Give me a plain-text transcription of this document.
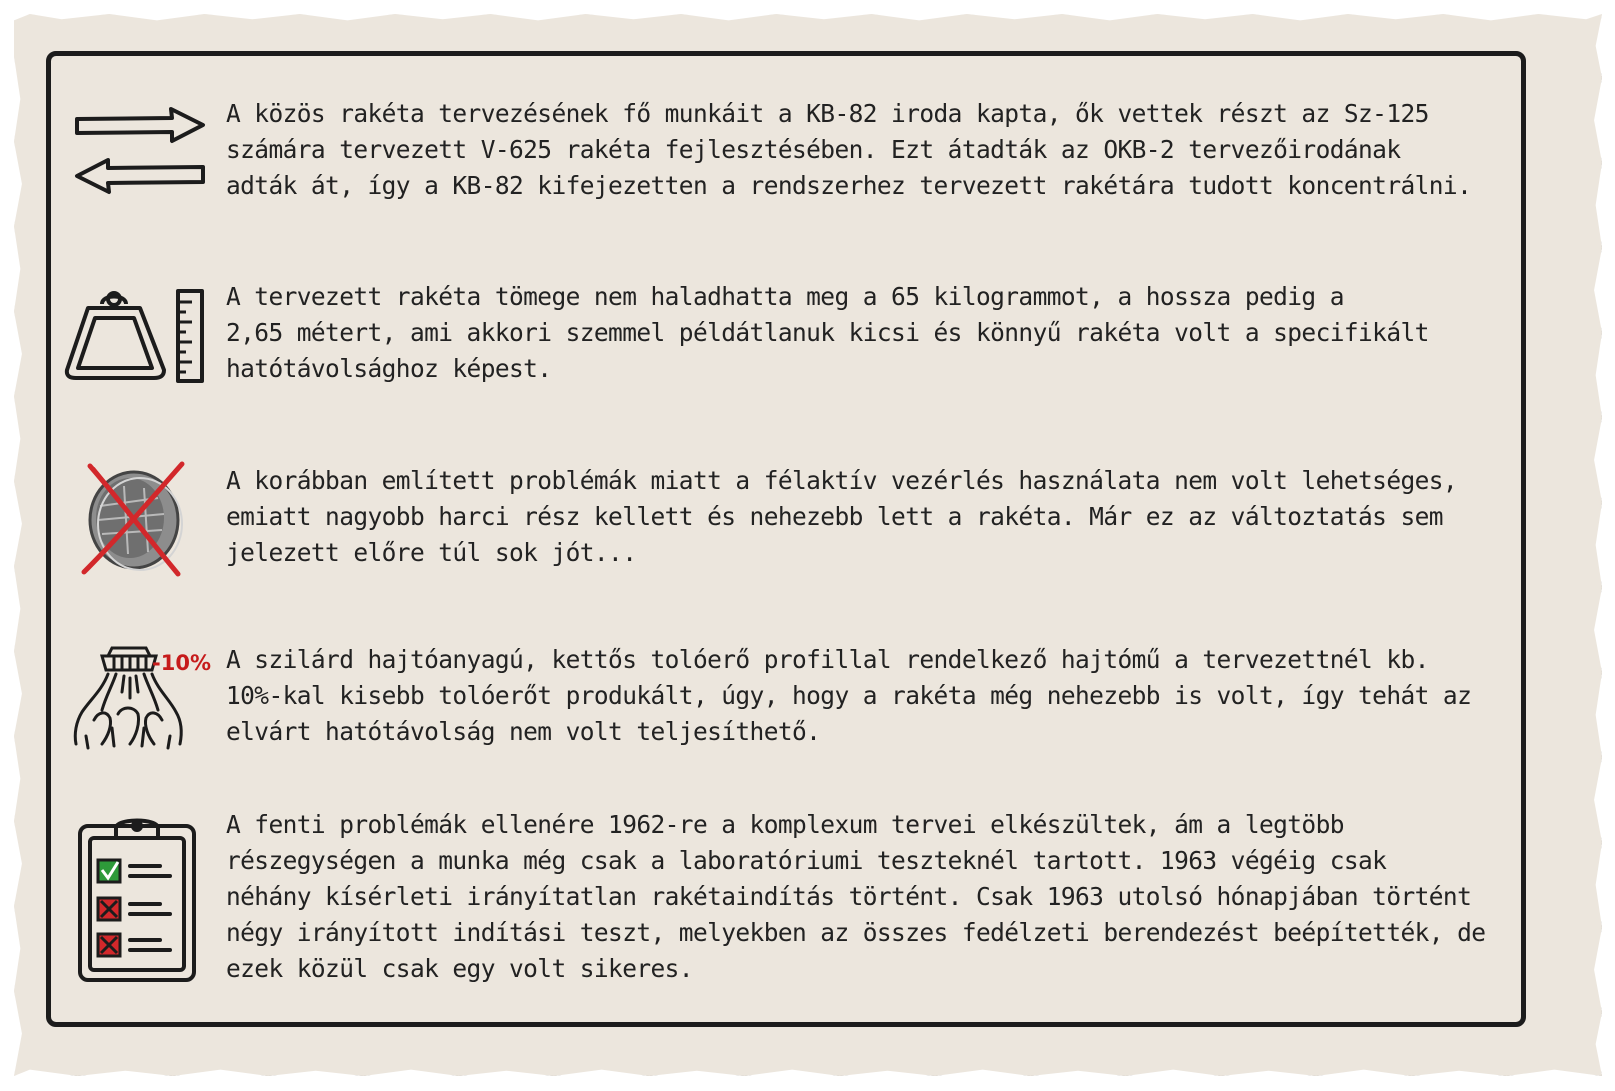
A közös rakéta tervezésének fő munkáit a KB-82 iroda kapta, ők vettek részt az Sz-125

számára tervezett V-625 rakéta fejlesztésében. Ezt átadták az OKB-2 tervezőirodának

adták át, így a KB-82 kifejezetten a rendszerhez tervezett rakétára tudott koncentrálni.

A tervezett rakéta tömege nem haladhatta meg a 65 kilogrammot, a hossza pedig a

2,65 métert, ami akkori szemmel példátlanuk kicsi és könnyű rakéta volt a specifikált

hatótávolsághoz képest.

A korábban említett problémák miatt a félaktív vezérlés használata nem volt lehetséges,

emiatt nagyobb harci rész kellett és nehezebb lett a rakéta. Már ez az változtatás sem

jelezett előre túl sok jót...

-10% A szilárd hajtóanyagú, kettős tolóerő profillal rendelkező hajtómű a tervezettnél kb.

10%-kal kisebb tolóerőt produkált, úgy, hogy a rakéta még nehezebb is volt, így tehát az

elvárt hatótávolság nem volt teljesíthető.

A fenti problémák ellenére 1962-re a komplexum tervei elkészültek, ám a legtöbb

részegységen a munka még csak a laboratóriumi teszteknél tartott. 1963 végéig csak

néhány kísérleti irányítatlan rakétaindítás történt. Csak 1963 utolsó hónapjában történt

négy irányított indítási teszt, melyekben az összes fedélzeti berendezést beépítették, de

ezek közül csak egy volt sikeres.
